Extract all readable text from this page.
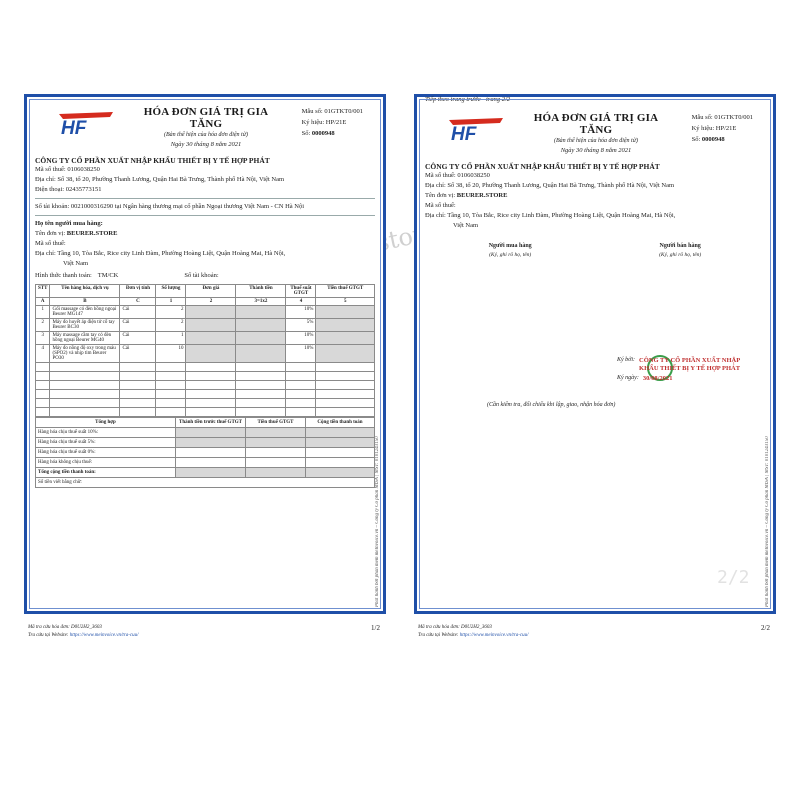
HF
HÓA ĐƠN GIÁ TRỊ GIA TĂNG
(Bản thể hiện của hóa đơn điện tử)
Ngày 30 tháng 8 năm 2021
Mẫu số: 01GTKT0/001
Ký hiệu: HP/21E
Số: 0000948
CÔNG TY CỔ PHẦN XUẤT NHẬP KHẨU THIẾT BỊ Y TẾ HỢP PHÁT
Mã số thuế: 0106038250
Địa chỉ: Số 38, tổ 20, Phường Thanh Lương, Quận Hai Bà Trưng, Thành phố Hà Nội, Việt Nam
Điện thoại: 02435773151
Số tài khoản: 0021000316290 tại Ngân hàng thương mại cổ phần Ngoại thương Việt Nam - CN Hà Nội
Họ tên người mua hàng:
Tên đơn vị: BEURER.STORE
Mã số thuế:
Địa chỉ: Tầng 10, Tòa Bắc, Rice city Linh Đàm, Phường Hoàng Liệt, Quận Hoàng Mai, Hà Nội,
Việt Nam
Hình thức thanh toán: TM/CK	Số tài khoản:
STT	Tên hàng hóa, dịch vụ	Đơn vị tính	Số lượng	Đơn giá	Thành tiền	Thuế suất GTGT	Tiền thuế GTGT
A	B	C	1	2	3=1x2	4	5
1	Gối massage có đèn hồng ngoại Beurer MG147	Cái	2			10%	
2	Máy đo huyết áp điện tử cổ tay Beurer BC30	Cái	2			5%	
3	Máy massage cầm tay có đèn hồng ngoại Beurer MG40	Cái	1			10%	
4	Máy đo nồng độ oxy trong máu (SPO2) và nhịp tim Beurer PO30	Cái	10			10%	

Tổng hợp	Thành tiền trước thuế GTGT	Tiền thuế GTGT	Cộng tiền thanh toán
Hàng hóa chịu thuế suất 10%:			
Hàng hóa chịu thuế suất 5%:			
Hàng hóa chịu thuế suất 0%:			
Hàng hóa không chịu thuế:			
Tổng cộng tiền thanh toán:			
Số tiền viết bằng chữ:				Phát hành bởi phần mềm meInvoice.vn – Công ty Cổ phần MISA | MST: 0101243150
Mã tra cứu hóa đơn: D0U2H2_3603
Tra cứu tại Website: https://www.meinvoice.vn/tra-cuu/
1/2
Tiếp theo trang trước - trang 2/2
HF
HÓA ĐƠN GIÁ TRỊ GIA TĂNG
(Bản thể hiện của hóa đơn điện tử)
Ngày 30 tháng 8 năm 2021
Mẫu số: 01GTKT0/001
Ký hiệu: HP/21E
Số: 0000948
CÔNG TY CỔ PHẦN XUẤT NHẬP KHẨU THIẾT BỊ Y TẾ HỢP PHÁT
Mã số thuế: 0106038250
Địa chỉ: Số 38, tổ 20, Phường Thanh Lương, Quận Hai Bà Trưng, Thành phố Hà Nội, Việt Nam
Tên đơn vị: BEURER.STORE
Mã số thuế:
Địa chỉ: Tầng 10, Tòa Bắc, Rice city Linh Đàm, Phường Hoàng Liệt, Quận Hoàng Mai, Hà Nội,
Việt Nam
Người mua hàng
(Ký, ghi rõ họ, tên)
Người bán hàng
(Ký, ghi rõ họ, tên)
Ký bởi: CÔNG TY CỔ PHẦN XUẤT NHẬP KHẨU THIẾT BỊ Y TẾ HỢP PHÁT
Ký ngày: 30/08/2021
(Cần kiểm tra, đối chiếu khi lập, giao, nhận hóa đơn)
2/2	Phát hành bởi phần mềm meInvoice.vn – Công ty Cổ phần MISA | MST: 0101243150
Mã tra cứu hóa đơn: D0U2H2_3603
Tra cứu tại Website: https://www.meinvoice.vn/tra-cuu/
2/2
